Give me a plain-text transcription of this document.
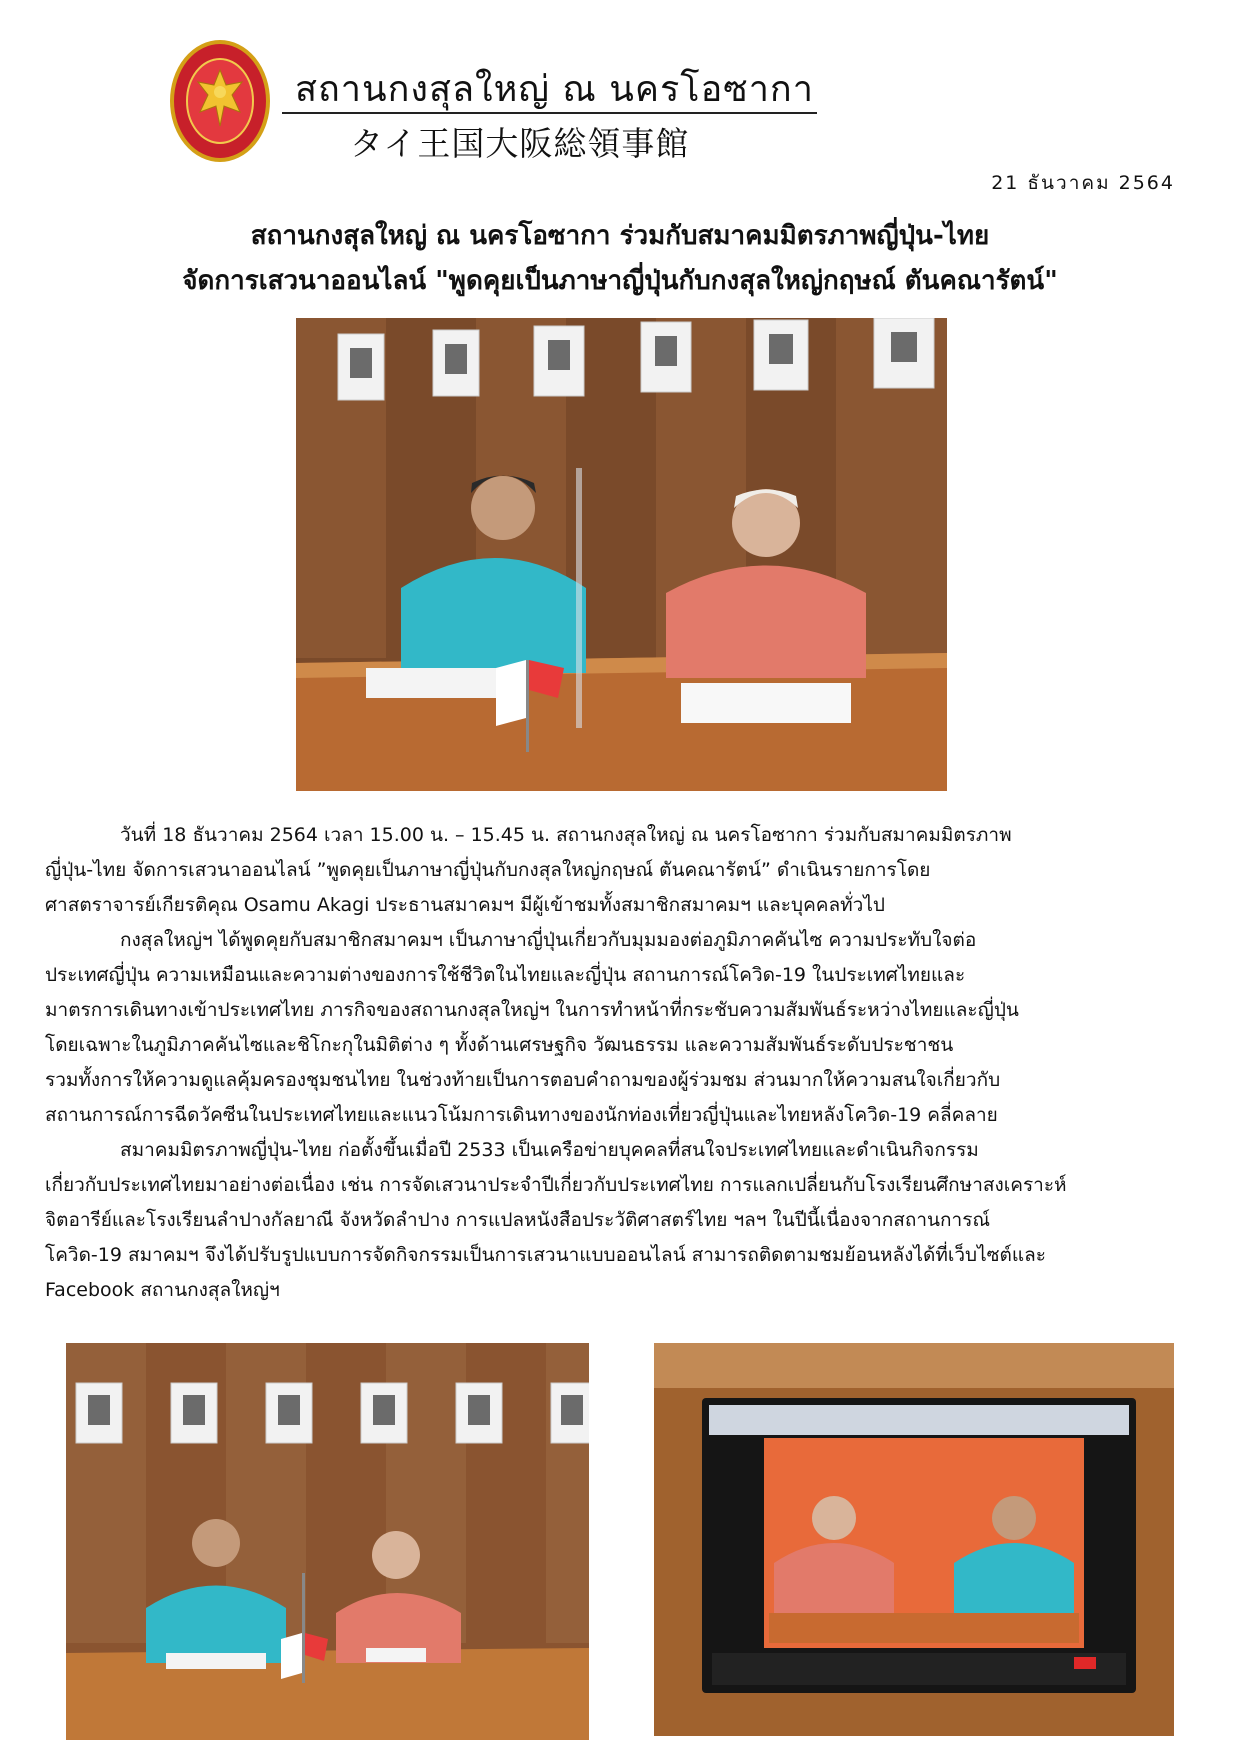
สถานกงสุลใหญ่ ณ นครโอซากา
タイ王国大阪総領事館
21 ธันวาคม 2564
สถานกงสุลใหญ่ ณ นครโอซากา ร่วมกับสมาคมมิตรภาพญี่ปุ่น-ไทย
จัดการเสวนาออนไลน์ "พูดคุยเป็นภาษาญี่ปุ่นกับกงสุลใหญ่กฤษณ์ ตันคณารัตน์"
วันที่ 18 ธันวาคม 2564 เวลา 15.00 น. – 15.45 น. สถานกงสุลใหญ่ ณ นครโอซากา ร่วมกับสมาคมมิตรภาพ
ญี่ปุ่น-ไทย จัดการเสวนาออนไลน์ ”พูดคุยเป็นภาษาญี่ปุ่นกับกงสุลใหญ่กฤษณ์ ตันคณารัตน์” ดำเนินรายการโดย
ศาสตราจารย์เกียรติคุณ Osamu Akagi ประธานสมาคมฯ มีผู้เข้าชมทั้งสมาชิกสมาคมฯ และบุคคลทั่วไป
กงสุลใหญ่ฯ ได้พูดคุยกับสมาชิกสมาคมฯ เป็นภาษาญี่ปุ่นเกี่ยวกับมุมมองต่อภูมิภาคคันไซ ความประทับใจต่อ
ประเทศญี่ปุ่น ความเหมือนและความต่างของการใช้ชีวิตในไทยและญี่ปุ่น สถานการณ์โควิด-19 ในประเทศไทยและ
มาตรการเดินทางเข้าประเทศไทย ภารกิจของสถานกงสุลใหญ่ฯ ในการทำหน้าที่กระชับความสัมพันธ์ระหว่างไทยและญี่ปุ่น
โดยเฉพาะในภูมิภาคคันไซและชิโกะกุในมิติต่าง ๆ ทั้งด้านเศรษฐกิจ วัฒนธรรม และความสัมพันธ์ระดับประชาชน
รวมทั้งการให้ความดูแลคุ้มครองชุมชนไทย ในช่วงท้ายเป็นการตอบคำถามของผู้ร่วมชม ส่วนมากให้ความสนใจเกี่ยวกับ
สถานการณ์การฉีดวัคซีนในประเทศไทยและแนวโน้มการเดินทางของนักท่องเที่ยวญี่ปุ่นและไทยหลังโควิด-19 คลี่คลาย
สมาคมมิตรภาพญี่ปุ่น-ไทย ก่อตั้งขึ้นเมื่อปี 2533 เป็นเครือข่ายบุคคลที่สนใจประเทศไทยและดำเนินกิจกรรม
เกี่ยวกับประเทศไทยมาอย่างต่อเนื่อง เช่น การจัดเสวนาประจำปีเกี่ยวกับประเทศไทย การแลกเปลี่ยนกับโรงเรียนศึกษาสงเคราะห์
จิตอารีย์และโรงเรียนลำปางกัลยาณี จังหวัดลำปาง การแปลหนังสือประวัติศาสตร์ไทย ฯลฯ ในปีนี้เนื่องจากสถานการณ์
โควิด-19 สมาคมฯ จึงได้ปรับรูปแบบการจัดกิจกรรมเป็นการเสวนาแบบออนไลน์ สามารถติดตามชมย้อนหลังได้ที่เว็บไซต์และ
Facebook สถานกงสุลใหญ่ฯ
